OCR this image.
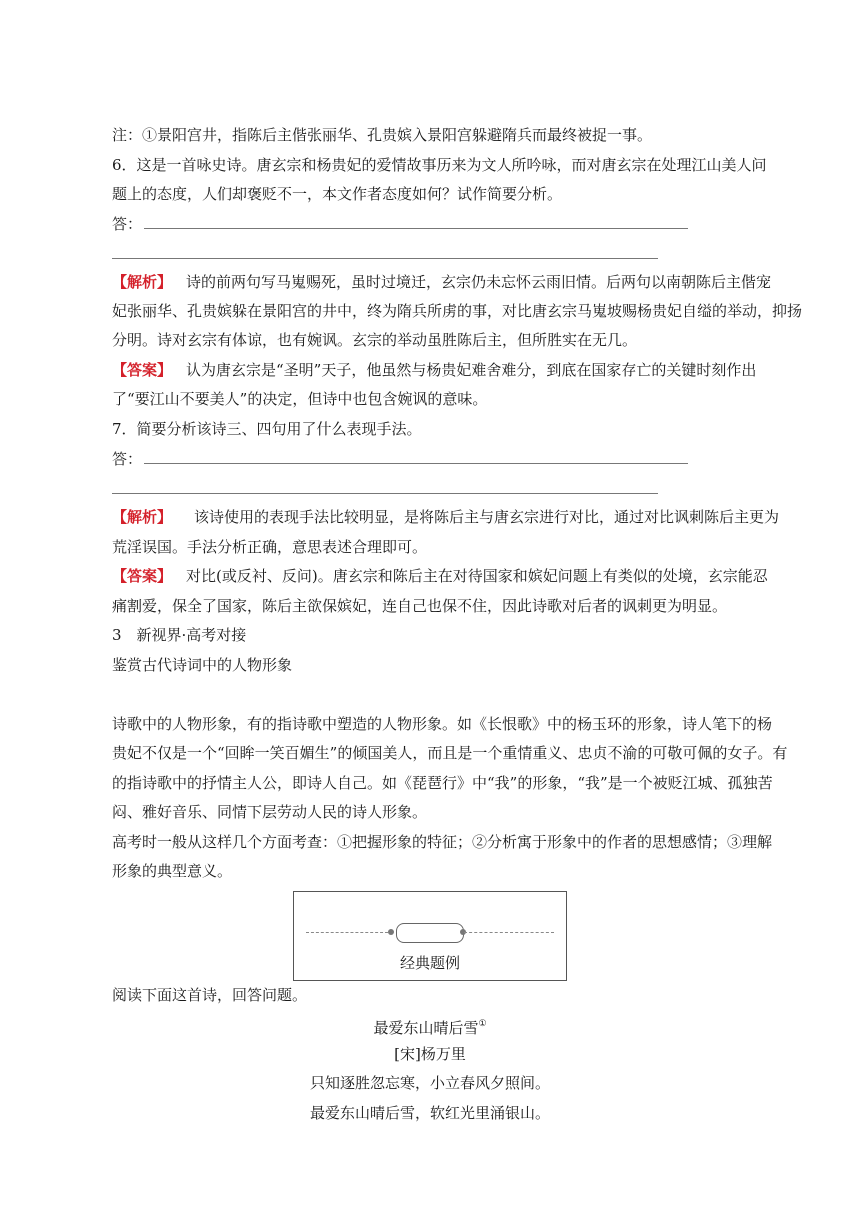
注：①景阳宫井，指陈后主偕张丽华、孔贵嫔入景阳宫躲避隋兵而最终被捉一事。
6．这是一首咏史诗。唐玄宗和杨贵妃的爱情故事历来为文人所吟咏，而对唐玄宗在处理江山美人问
题上的态度，人们却褒贬不一，本文作者态度如何？试作简要分析。
答：
【解析】 诗的前两句写马嵬赐死，虽时过境迁，玄宗仍未忘怀云雨旧情。后两句以南朝陈后主偕宠
妃张丽华、孔贵嫔躲在景阳宫的井中，终为隋兵所虏的事，对比唐玄宗马嵬坡赐杨贵妃自缢的举动，抑扬
分明。诗对玄宗有体谅，也有婉讽。玄宗的举动虽胜陈后主，但所胜实在无几。
【答案】 认为唐玄宗是“圣明”天子，他虽然与杨贵妃难舍难分，到底在国家存亡的关键时刻作出
了“要江山不要美人”的决定，但诗中也包含婉讽的意味。
7．简要分析该诗三、四句用了什么表现手法。
答：
【解析】 该诗使用的表现手法比较明显，是将陈后主与唐玄宗进行对比，通过对比讽刺陈后主更为
荒淫误国。手法分析正确，意思表述合理即可。
【答案】 对比(或反衬、反问)。唐玄宗和陈后主在对待国家和嫔妃问题上有类似的处境，玄宗能忍
痛割爱，保全了国家，陈后主欲保嫔妃，连自己也保不住，因此诗歌对后者的讽刺更为明显。
3　新视界·高考对接
鉴赏古代诗词中的人物形象
诗歌中的人物形象，有的指诗歌中塑造的人物形象。如《长恨歌》中的杨玉环的形象，诗人笔下的杨
贵妃不仅是一个“回眸一笑百媚生”的倾国美人，而且是一个重情重义、忠贞不渝的可敬可佩的女子。有
的指诗歌中的抒情主人公，即诗人自己。如《琵琶行》中“我”的形象，“我”是一个被贬江城、孤独苦
闷、雅好音乐、同情下层劳动人民的诗人形象。
高考时一般从这样几个方面考查：①把握形象的特征；②分析寓于形象中的作者的思想感情；③理解
形象的典型意义。
经典题例
阅读下面这首诗，回答问题。
最爱东山晴后雪①
[宋]杨万里
只知逐胜忽忘寒，小立春风夕照间。
最爱东山晴后雪，软红光里涌银山。
